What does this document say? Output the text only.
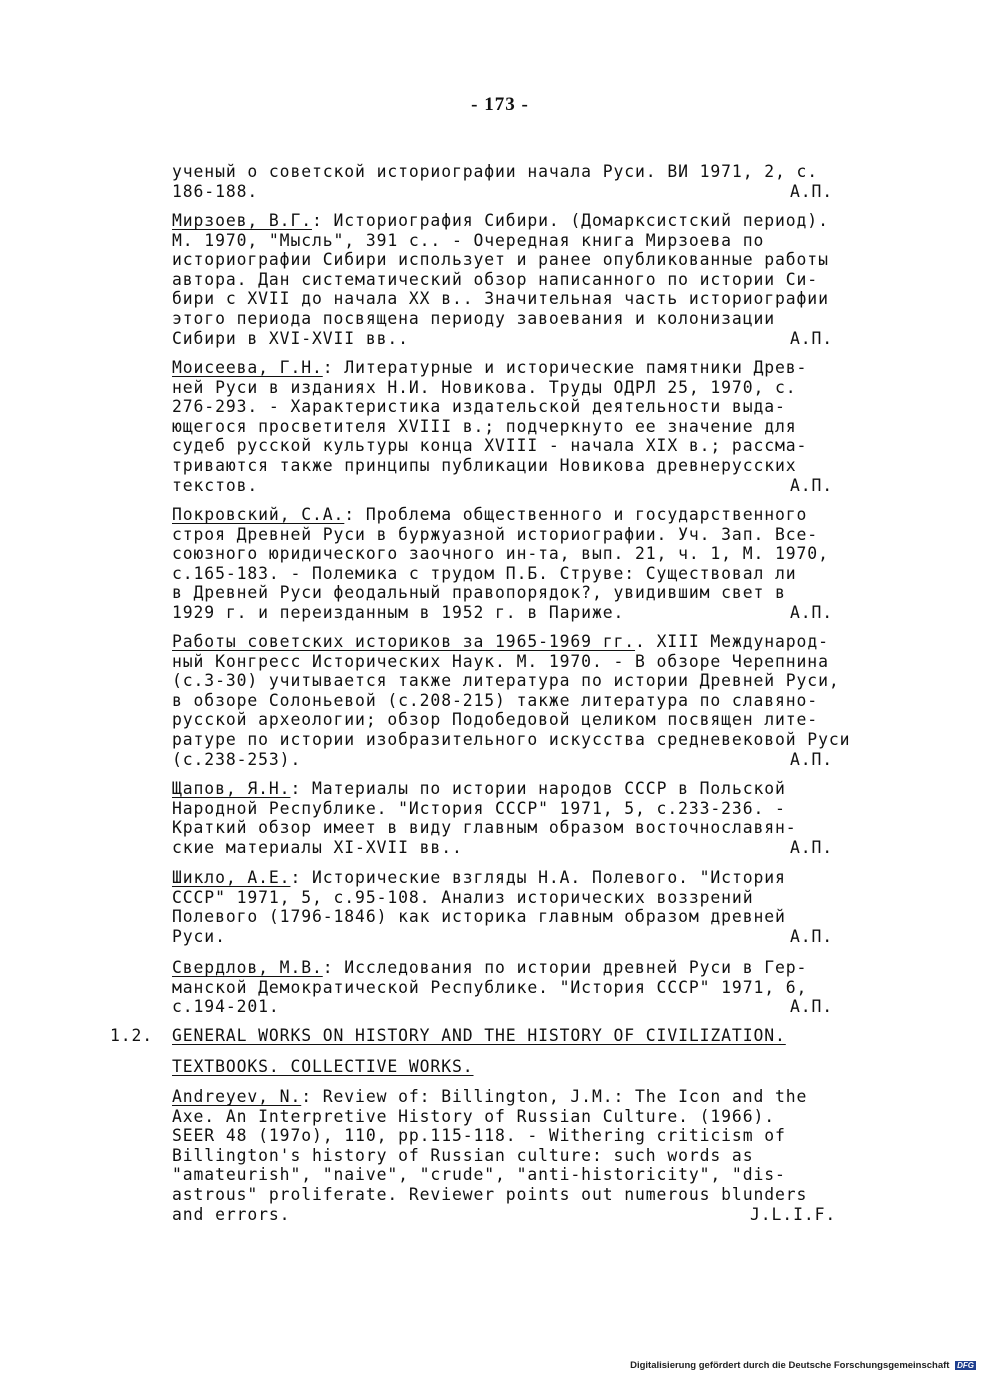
- 173 -
ученый о советской историографии начала Руси. ВИ 1971, 2, с.
186-188.	А.П.
Мирзоев, В.Г.: Историография Сибири. (Домарксистский период).
М. 1970, "Мысль", 391 с.. - Очередная книга Мирзоева по
историографии Сибири использует и ранее опубликованные работы
автора. Дан систематический обзор написанного по истории Си-
бири с XVII до начала XX в.. Значительная часть историографии
этого периода посвящена периоду завоевания и колонизации
Сибири в XVI-XVII вв..	А.П.
Моисеева, Г.Н.: Литературные и исторические памятники Древ-
ней Руси в изданиях Н.И. Новикова. Труды ОДРЛ 25, 1970, с.
276-293. - Характеристика издательской деятельности выда-
ющегося просветителя XVIII в.; подчеркнуто ее значение для
судеб русской культуры конца XVIII - начала XIX в.; рассма-
триваются также принципы публикации Новикова древнерусских
текстов.	А.П.
Покровский, С.А.: Проблема общественного и государственного
строя Древней Руси в буржуазной историографии. Уч. Зап. Все-
союзного юридического заочного ин-та, вып. 21, ч. 1, М. 1970,
с.165-183. - Полемика с трудом П.Б. Струве: Существовал ли
в Древней Руси феодальный правопорядок?, увидившим свет в
1929 г. и переизданным в 1952 г. в Париже.	А.П.
Работы советских историков за 1965-1969 гг.. XIII Международ-
ный Конгресс Исторических Наук. М. 1970. - В обзоре Черепнина
(с.3-30) учитывается также литература по истории Древней Руси,
в обзоре Солоньевой (с.208-215) также литература по славяно-
русской археологии; обзор Подобедовой целиком посвящен лите-
ратуре по истории изобразительного искусства средневековой Руси
(с.238-253).	А.П.
Щапов, Я.Н.: Материалы по истории народов СССР в Польской
Народной Республике. "История СССР" 1971, 5, с.233-236. -
Краткий обзор имеет в виду главным образом восточнославян-
ские материалы XI-XVII вв..	А.П.
Шикло, А.Е.: Исторические взгляды Н.А. Полевого. "История
СССР" 1971, 5, с.95-108. Анализ исторических воззрений
Полевого (1796-1846) как историка главным образом древней
Руси.	А.П.
Свердлов, М.В.: Исследования по истории древней Руси в Гер-
манской Демократической Республике. "История СССР" 1971, 6,
с.194-201.	А.П.
1.2. GENERAL WORKS ON HISTORY AND THE HISTORY OF CIVILIZATION.
TEXTBOOKS. COLLECTIVE WORKS.
Andreyev, N.: Review of: Billington, J.M.: The Icon and the
Axe. An Interpretive History of Russian Culture. (1966).
SEER 48 (197o), 110, pp.115-118. - Withering criticism of
Billington's history of Russian culture: such words as
"amateurish", "naive", "crude", "anti-historicity", "dis-
astrous" proliferate. Reviewer points out numerous blunders
and errors.	J.L.I.F.
Digitalisierung gefördert durch die Deutsche Forschungsgemeinschaft DFG
